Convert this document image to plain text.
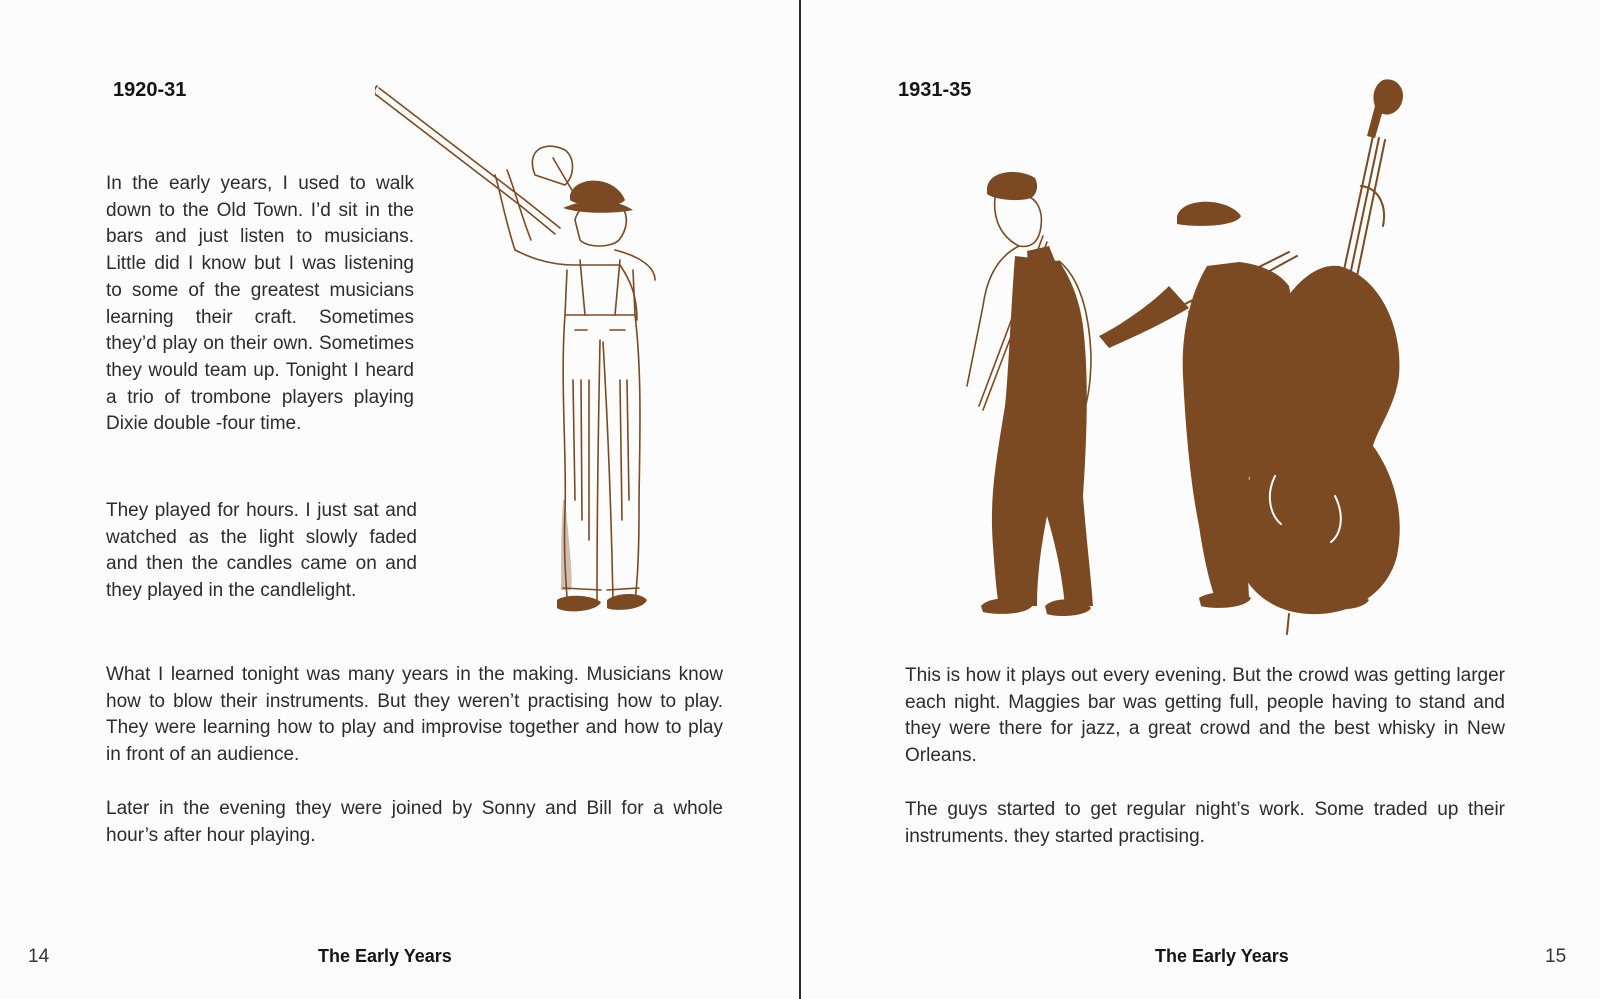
1920-31

In the early years, I used to walk down to the Old Town. I’d sit in the bars and just listen to musicians. Little did I know but I was listening to some of the greatest musicians learning their craft. Sometimes they’d play on their own. Sometimes they would team up. Tonight I heard a trio of trombone players playing Dixie double -four time.

They played for hours. I just sat and watched as the light slowly faded and then the candles came on and they played in the candlelight.

What I learned tonight was many years in the making. Musicians know how to blow their instruments. But they weren’t practising how to play. They were learning how to play and improvise together and how to play in front of an audience.

Later in the evening they were joined by Sonny and Bill for a whole hour’s after hour playing.

14	The Early Years
1931-35

This is how it plays out every evening. But the crowd was getting larger each night. Maggies bar was getting full, people having to stand and they were there for jazz, a great crowd and the best whisky in New Orleans.

The guys started to get regular night’s work. Some traded up their instruments. they started practising.

The Early Years	15
